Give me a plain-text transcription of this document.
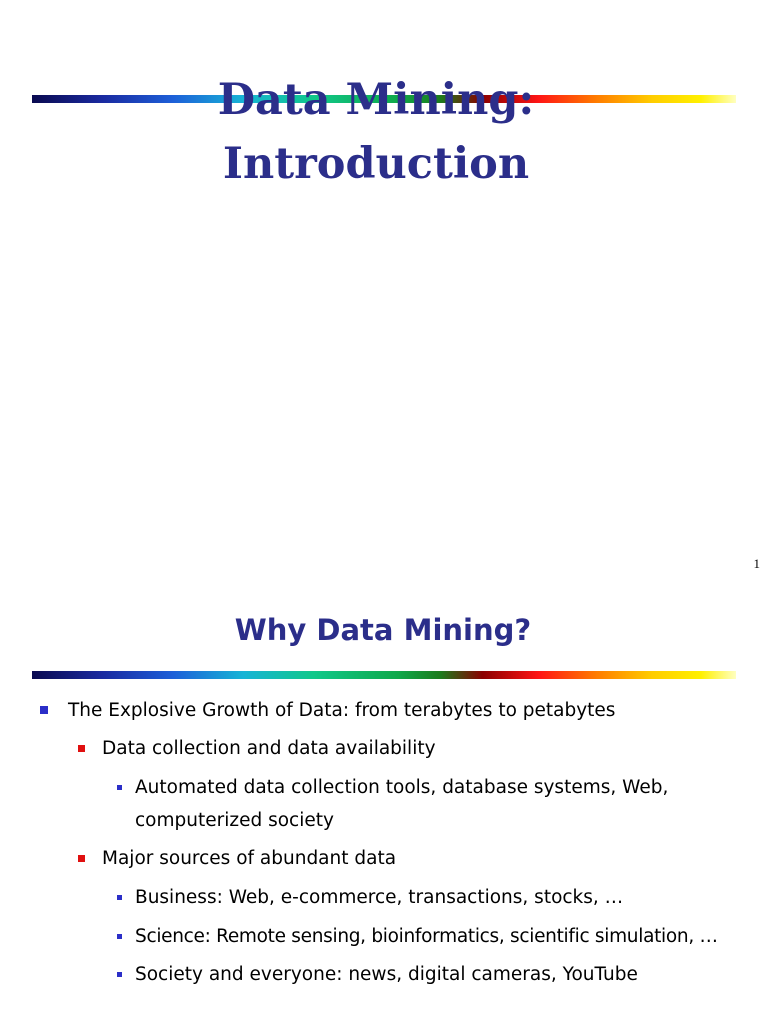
Data Mining:
Introduction
1
Why Data Mining?
The Explosive Growth of Data: from terabytes to petabytes
Data collection and data availability
Automated data collection tools, database systems, Web, computerized society
Major sources of abundant data
Business: Web, e-commerce, transactions, stocks, …
Science: Remote sensing, bioinformatics, scientific simulation, …
Society and everyone: news, digital cameras, YouTube
